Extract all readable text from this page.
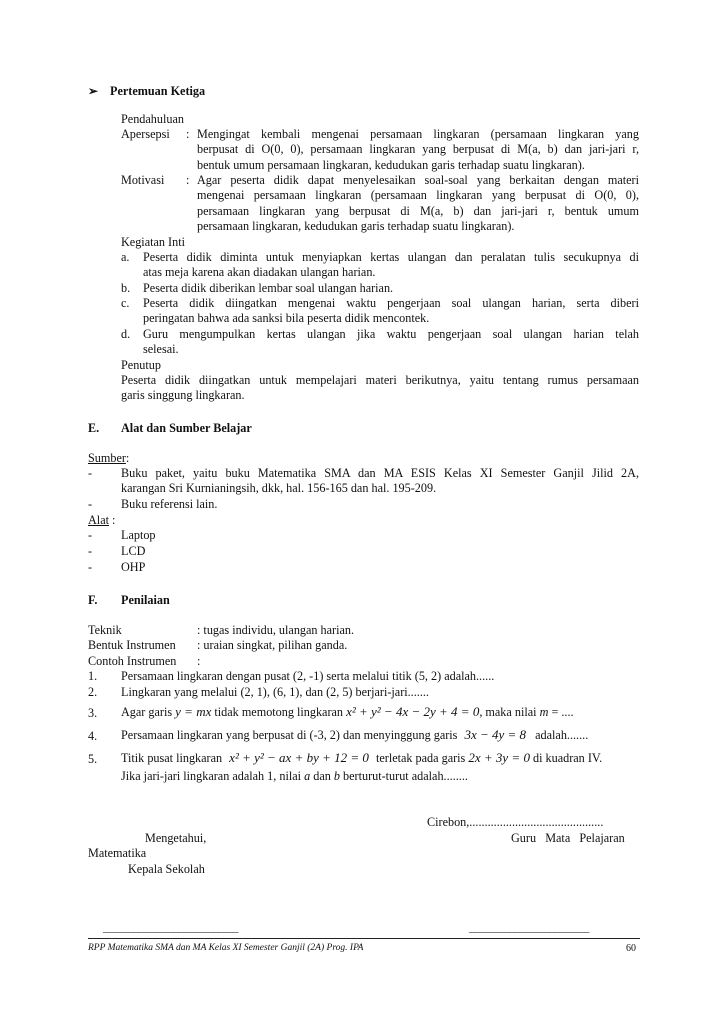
➢ Pertemuan Ketiga
Pendahuluan
Apersepsi : Mengingat kembali mengenai persamaan lingkaran (persamaan lingkaran yang
berpusat di O(0, 0), persamaan lingkaran yang berpusat di M(a, b) dan jari-jari r,
bentuk umum persamaan lingkaran, kedudukan garis terhadap suatu lingkaran).
Motivasi : Agar peserta didik dapat menyelesaikan soal-soal yang berkaitan dengan materi
mengenai persamaan lingkaran (persamaan lingkaran yang berpusat di O(0, 0),
persamaan lingkaran yang berpusat di M(a, b) dan jari-jari r, bentuk umum
persamaan lingkaran, kedudukan garis terhadap suatu lingkaran).
Kegiatan Inti
a. Peserta didik diminta untuk menyiapkan kertas ulangan dan peralatan tulis secukupnya di
atas meja karena akan diadakan ulangan harian.
b. Peserta didik diberikan lembar soal ulangan harian.
c. Peserta didik diingatkan mengenai waktu pengerjaan soal ulangan harian, serta diberi
peringatan bahwa ada sanksi bila peserta didik mencontek.
d. Guru mengumpulkan kertas ulangan jika waktu pengerjaan soal ulangan harian telah
selesai.
Penutup
Peserta didik diingatkan untuk mempelajari materi berikutnya, yaitu tentang rumus persamaan
garis singgung lingkaran.
E. Alat dan Sumber Belajar
Sumber:
- Buku paket, yaitu buku Matematika SMA dan MA ESIS Kelas XI Semester Ganjil Jilid 2A,
karangan Sri Kurnianingsih, dkk, hal. 156-165 dan hal. 195-209.
- Buku referensi lain.
Alat :
- Laptop
- LCD
- OHP
F. Penilaian
Teknik	: tugas individu, ulangan harian.
Bentuk Instrumen : uraian singkat, pilihan ganda.
Contoh Instrumen :
1. Persamaan lingkaran dengan pusat (2, -1) serta melalui titik (5, 2) adalah......
2. Lingkaran yang melalui (2, 1), (6, 1), dan (2, 5) berjari-jari.......
3. Agar garis y = mx tidak memotong lingkaran x² + y² − 4x − 2y + 4 = 0, maka nilai m = ....
4. Persamaan lingkaran yang berpusat di (-3, 2) dan menyinggung garis 3x − 4y = 8 adalah.......
5. Titik pusat lingkaran x² + y² − ax + by + 12 = 0 terletak pada garis 2x + 3y = 0 di kuadran IV.
Jika jari-jari lingkaran adalah 1, nilai a dan b berturut-turut adalah........
Cirebon,............................................
Mengetahui,	Guru   Mata   Pelajaran
Matematika
Kepala Sekolah
___________________________	________________________
RPP Matematika SMA dan MA Kelas XI Semester Ganjil (2A) Prog. IPA	60
